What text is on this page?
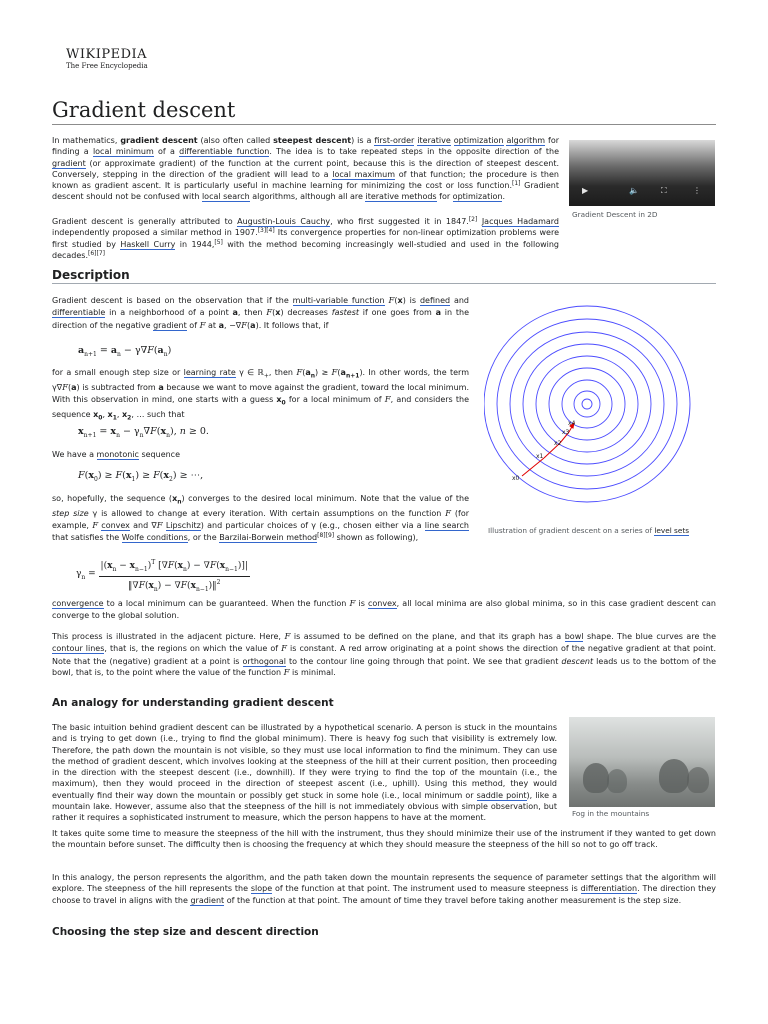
WIKIPEDIA
The Free Encyclopedia
Gradient descent

In mathematics, gradient descent (also often called steepest descent) is a first-order iterative optimization algorithm for finding a local minimum of a differentiable function. The idea is to take repeated steps in the opposite direction of the gradient (or approximate gradient) of the function at the current point, because this is the direction of steepest descent. Conversely, stepping in the direction of the gradient will lead to a local maximum of that function; the procedure is then known as gradient ascent. It is particularly useful in machine learning for minimizing the cost or loss function.[1] Gradient descent should not be confused with local search algorithms, although all are iterative methods for optimization.

Gradient descent is generally attributed to Augustin-Louis Cauchy, who first suggested it in 1847.[2] Jacques Hadamard independently proposed a similar method in 1907.[3][4] Its convergence properties for non-linear optimization problems were first studied by Haskell Curry in 1944,[5] with the method becoming increasingly well-studied and used in the following decades.[6][7]

▶	🔈	⛶	⋮
Gradient Descent in 2D
Description

Gradient descent is based on the observation that if the multi-variable function F(x) is defined and differentiable in a neighborhood of a point a, then F(x) decreases fastest if one goes from a in the direction of the negative gradient of F at a, −∇F(a). It follows that, if

$a_{n+1} = a_n - \gamma\nabla F(a_n)$

for a small enough step size or learning rate γ ∈ ℝ$_+$, then $F(a_n) \ge F(a_{n+1})$. In other words, the term γ∇F(a) is subtracted from a because we want to move against the gradient, toward the local minimum. With this observation in mind, one starts with a guess $x_0$ for a local minimum of F, and considers the sequence $x_0$, $x_1$, $x_2$, … such that

$x_{n+1} = x_n - \gamma_n\nabla F(x_n)$, n ≥ 0.

We have a monotonic sequence

$F(x_0) \ge F(x_1) \ge F(x_2)$ ≥ ⋯,

so, hopefully, the sequence $(x_n)$ converges to the desired local minimum. Note that the value of the step size γ is allowed to change at every iteration. With certain assumptions on the function F (for example, F convex and ∇F Lipschitz) and particular choices of γ (e.g., chosen either via a line search that satisfies the Wolfe conditions, or the Barzilai-Borwein method[8][9] shown as following),

$\gamma_n = \frac{|(x_n - x_{n-1})^T [\nabla F(x_n) - \nabla F(x_{n-1})]|}{‖\nabla F(x_n) - \nabla F(x_{n-1})‖^2}$

convergence to a local minimum can be guaranteed. When the function F is convex, all local minima are also global minima, so in this case gradient descent can converge to the global solution.

This process is illustrated in the adjacent picture. Here, F is assumed to be defined on the plane, and that its graph has a bowl shape. The blue curves are the contour lines, that is, the regions on which the value of F is constant. A red arrow originating at a point shows the direction of the negative gradient at that point. Note that the (negative) gradient at a point is orthogonal to the contour line going through that point. We see that gradient descent leads us to the bottom of the bowl, that is, to the point where the value of the function F is minimal.

x0
x1
x2
x3
x4
Illustration of gradient descent on a series of level sets
An analogy for understanding gradient descent

The basic intuition behind gradient descent can be illustrated by a hypothetical scenario. A person is stuck in the mountains and is trying to get down (i.e., trying to find the global minimum). There is heavy fog such that visibility is extremely low. Therefore, the path down the mountain is not visible, so they must use local information to find the minimum. They can use the method of gradient descent, which involves looking at the steepness of the hill at their current position, then proceeding in the direction with the steepest descent (i.e., downhill). If they were trying to find the top of the mountain (i.e., the maximum), then they would proceed in the direction of steepest ascent (i.e., uphill). Using this method, they would eventually find their way down the mountain or possibly get stuck in some hole (i.e., local minimum or saddle point), like a mountain lake. However, assume also that the steepness of the hill is not immediately obvious with simple observation, but rather it requires a sophisticated instrument to measure, which the person happens to have at the moment.

It takes quite some time to measure the steepness of the hill with the instrument, thus they should minimize their use of the instrument if they wanted to get down the mountain before sunset. The difficulty then is choosing the frequency at which they should measure the steepness of the hill so not to go off track.

In this analogy, the person represents the algorithm, and the path taken down the mountain represents the sequence of parameter settings that the algorithm will explore. The steepness of the hill represents the slope of the function at that point. The instrument used to measure steepness is differentiation. The direction they choose to travel in aligns with the gradient of the function at that point. The amount of time they travel before taking another measurement is the step size.

Fog in the mountains
Choosing the step size and descent direction
